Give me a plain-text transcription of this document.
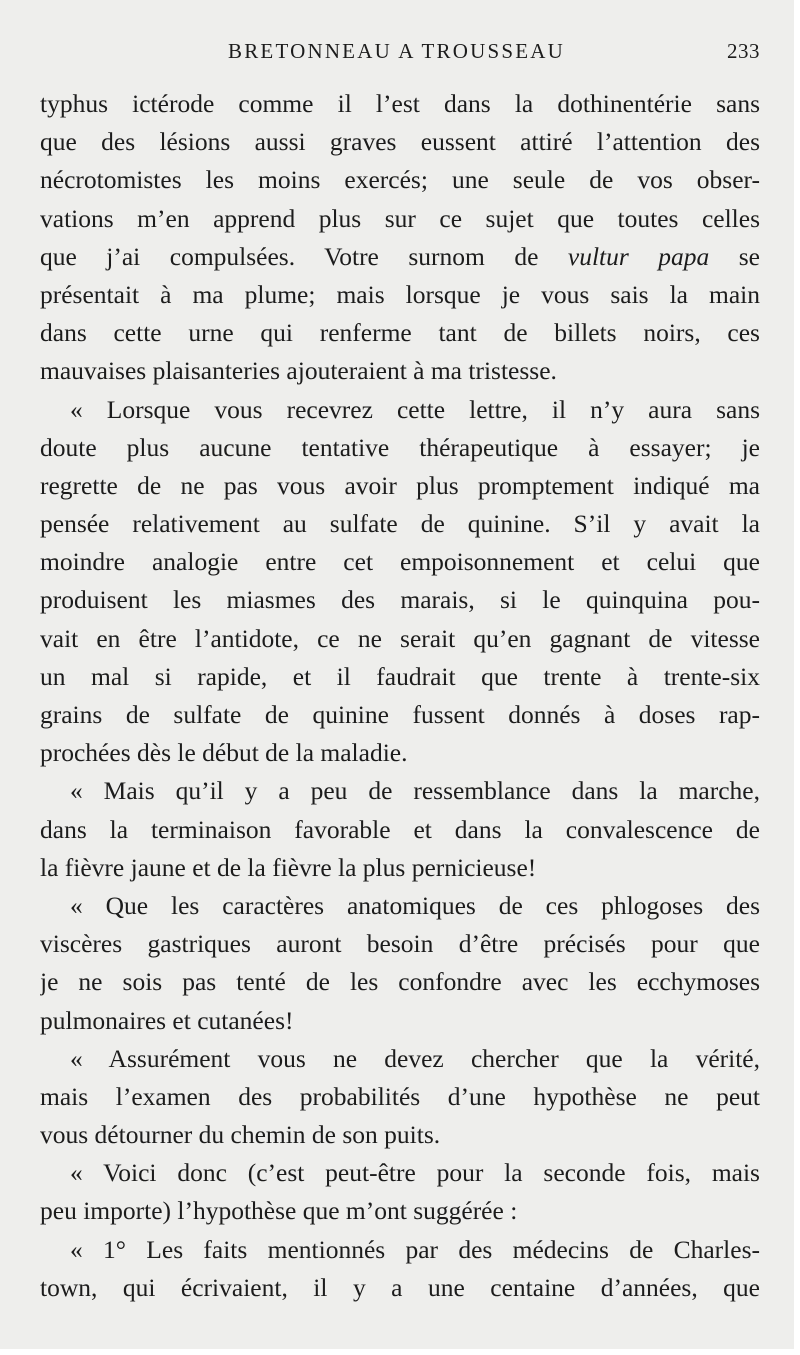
BRETONNEAU A TROUSSEAU	233
typhus ictérode comme il l’est dans la dothinentérie sans
que des lésions aussi graves eussent attiré l’attention des
nécrotomistes les moins exercés; une seule de vos obser-
vations m’en apprend plus sur ce sujet que toutes celles
que j’ai compulsées. Votre surnom de vultur papa se
présentait à ma plume; mais lorsque je vous sais la main
dans cette urne qui renferme tant de billets noirs, ces
mauvaises plaisanteries ajouteraient à ma tristesse.
« Lorsque vous recevrez cette lettre, il n’y aura sans
doute plus aucune tentative thérapeutique à essayer; je
regrette de ne pas vous avoir plus promptement indiqué ma
pensée relativement au sulfate de quinine. S’il y avait la
moindre analogie entre cet empoisonnement et celui que
produisent les miasmes des marais, si le quinquina pou-
vait en être l’antidote, ce ne serait qu’en gagnant de vitesse
un mal si rapide, et il faudrait que trente à trente-six
grains de sulfate de quinine fussent donnés à doses rap-
prochées dès le début de la maladie.
« Mais qu’il y a peu de ressemblance dans la marche,
dans la terminaison favorable et dans la convalescence de
la fièvre jaune et de la fièvre la plus pernicieuse!
« Que les caractères anatomiques de ces phlogoses des
viscères gastriques auront besoin d’être précisés pour que
je ne sois pas tenté de les confondre avec les ecchymoses
pulmonaires et cutanées!
« Assurément vous ne devez chercher que la vérité,
mais l’examen des probabilités d’une hypothèse ne peut
vous détourner du chemin de son puits.
« Voici donc (c’est peut-être pour la seconde fois, mais
peu importe) l’hypothèse que m’ont suggérée :
« 1° Les faits mentionnés par des médecins de Charles-
town, qui écrivaient, il y a une centaine d’années, que
